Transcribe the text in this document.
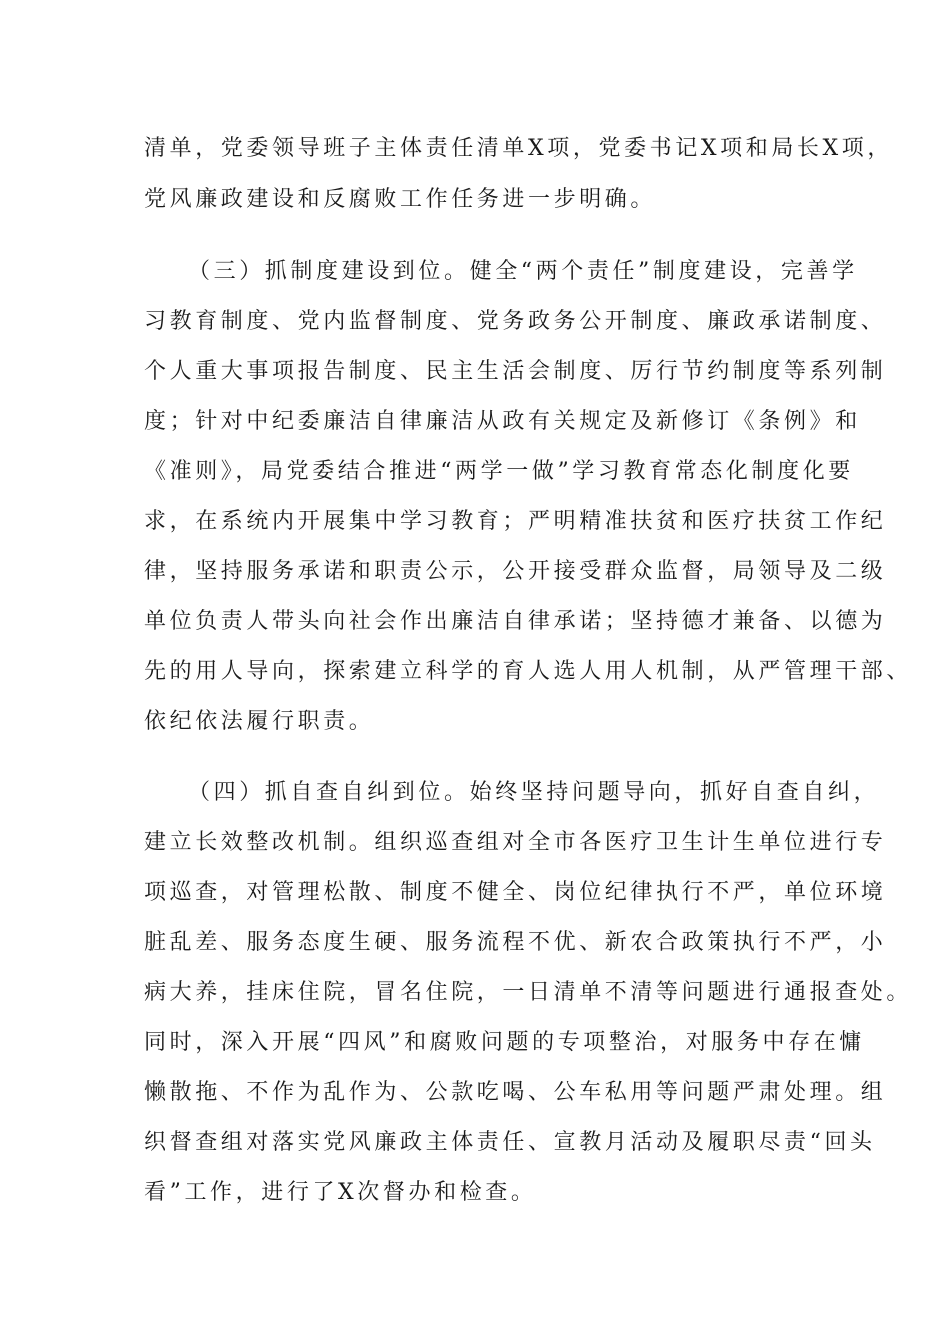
清单，党委领导班子主体责任清单X项，党委书记X项和局长X项，
党风廉政建设和反腐败工作任务进一步明确。
（三）抓制度建设到位。健全“两个责任”制度建设，完善学
习教育制度、党内监督制度、党务政务公开制度、廉政承诺制度、
个人重大事项报告制度、民主生活会制度、厉行节约制度等系列制
度；针对中纪委廉洁自律廉洁从政有关规定及新修订《条例》和
《准则》，局党委结合推进“两学一做”学习教育常态化制度化要
求，在系统内开展集中学习教育；严明精准扶贫和医疗扶贫工作纪
律，坚持服务承诺和职责公示，公开接受群众监督，局领导及二级
单位负责人带头向社会作出廉洁自律承诺；坚持德才兼备、以德为
先的用人导向，探索建立科学的育人选人用人机制，从严管理干部、
依纪依法履行职责。
（四）抓自查自纠到位。始终坚持问题导向，抓好自查自纠，
建立长效整改机制。组织巡查组对全市各医疗卫生计生单位进行专
项巡查，对管理松散、制度不健全、岗位纪律执行不严，单位环境
脏乱差、服务态度生硬、服务流程不优、新农合政策执行不严，小
病大养，挂床住院，冒名住院，一日清单不清等问题进行通报查处。
同时，深入开展“四风”和腐败问题的专项整治，对服务中存在慵
懒散拖、不作为乱作为、公款吃喝、公车私用等问题严肃处理。组
织督查组对落实党风廉政主体责任、宣教月活动及履职尽责“回头
看”工作，进行了X次督办和检查。
